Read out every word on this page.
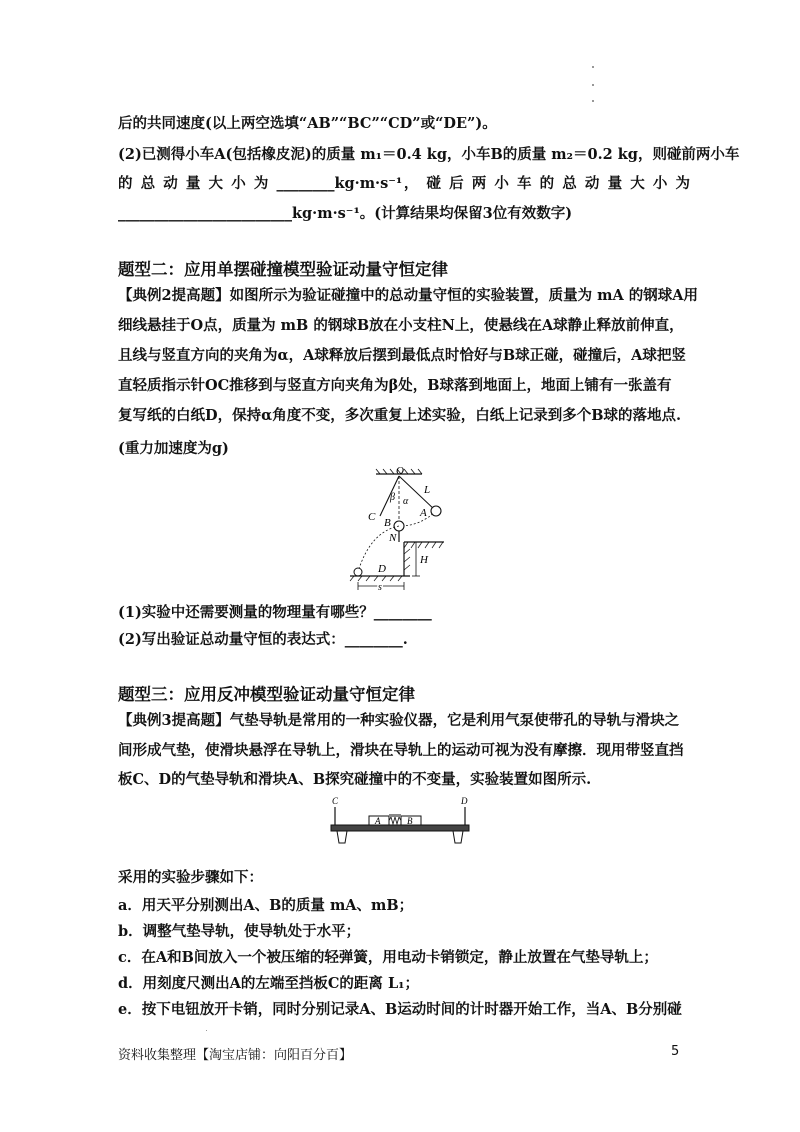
后的共同速度(以上两空选填“AB”“BC”“CD”或“DE”)。
(2)已测得小车A(包括橡皮泥)的质量 m₁＝0.4 kg，小车B的质量 m₂＝0.2 kg，则碰前两小车
的 总 动 量 大 小 为 ________kg·m·s⁻¹， 碰 后 两 小 车 的 总 动 量 大 小 为
________________________kg·m·s⁻¹。(计算结果均保留3位有效数字)
题型二：应用单摆碰撞模型验证动量守恒定律
【典例2提高题】如图所示为验证碰撞中的总动量守恒的实验装置，质量为 mA 的钢球A用
细线悬挂于O点，质量为 mB 的钢球B放在小支柱N上，使悬线在A球静止释放前伸直，
且线与竖直方向的夹角为α，A球释放后摆到最低点时恰好与B球正碰，碰撞后，A球把竖
直轻质指示针OC推移到与竖直方向夹角为β处，B球落到地面上，地面上铺有一张盖有
复写纸的白纸D，保持α角度不变，多次重复上述实验，白纸上记录到多个B球的落地点.
(重力加速度为g)
O
L
β α
A
C B
N
H
D
s
(1)实验中还需要测量的物理量有哪些？________
(2)写出验证总动量守恒的表达式：________.
题型三：应用反冲模型验证动量守恒定律
【典例3提高题】气垫导轨是常用的一种实验仪器，它是利用气泵使带孔的导轨与滑块之
间形成气垫，使滑块悬浮在导轨上，滑块在导轨上的运动可视为没有摩擦．现用带竖直挡
板C、D的气垫导轨和滑块A、B探究碰撞中的不变量，实验装置如图所示.
C	D
A	B
采用的实验步骤如下：
a．用天平分别测出A、B的质量 mA、mB；
b．调整气垫导轨，使导轨处于水平；
c．在A和B间放入一个被压缩的轻弹簧，用电动卡销锁定，静止放置在气垫导轨上；
d．用刻度尺测出A的左端至挡板C的距离 L₁；
e．按下电钮放开卡销，同时分别记录A、B运动时间的计时器开始工作，当A、B分别碰
资料收集整理【淘宝店铺：向阳百分百】	5
